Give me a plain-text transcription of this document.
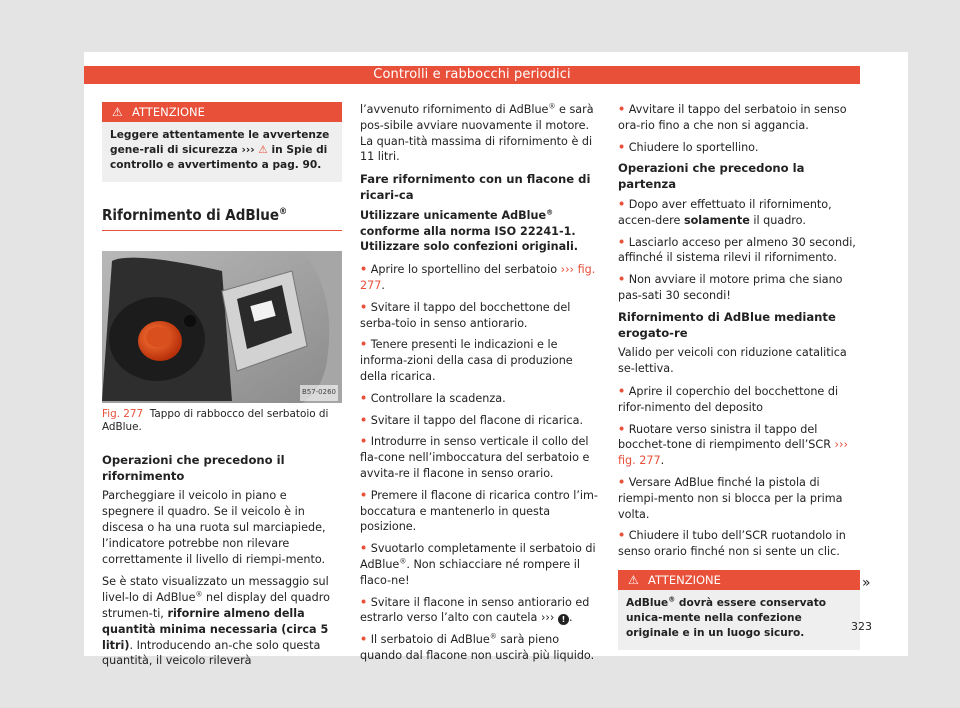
Controlli e rabbocchi periodici
⚠ ATTENZIONE
Leggere attentamente le avvertenze gene-rali di sicurezza ››› ⚠ in Spie di controllo e avvertimento a pag. 90.
Rifornimento di AdBlue®
B57-0260
Fig. 277 Tappo di rabbocco del serbatoio di AdBlue.
Operazioni che precedono il rifornimento

Parcheggiare il veicolo in piano e spegnere il quadro. Se il veicolo è in discesa o ha una ruota sul marciapiede, l’indicatore potrebbe non rilevare correttamente il livello di riempi-mento.

Se è stato visualizzato un messaggio sul livel-lo di AdBlue® nel display del quadro strumen-ti, rifornire almeno della quantità minima necessaria (circa 5 litri). Introducendo an-che solo questa quantità, il veicolo rileverà

l’avvenuto rifornimento di AdBlue® e sarà pos-sibile avviare nuovamente il motore. La quan-tità massima di rifornimento è di 11 litri.

Fare rifornimento con un flacone di ricari-ca

Utilizzare unicamente AdBlue® conforme alla norma ISO 22241-1. Utilizzare solo confezioni originali.

• Aprire lo sportellino del serbatoio ››› fig. 277.
• Svitare il tappo del bocchettone del serba-toio in senso antiorario.
• Tenere presenti le indicazioni e le informa-zioni della casa di produzione della ricarica.
• Controllare la scadenza.
• Svitare il tappo del flacone di ricarica.
• Introdurre in senso verticale il collo del fla-cone nell’imboccatura del serbatoio e avvita-re il flacone in senso orario.
• Premere il flacone di ricarica contro l’im-boccatura e mantenerlo in questa posizione.
• Svuotarlo completamente il serbatoio di AdBlue®. Non schiacciare né rompere il flaco-ne!
• Svitare il flacone in senso antiorario ed estrarlo verso l’alto con cautela ››› ! .
• Il serbatoio di AdBlue® sarà pieno quando dal flacone non uscirà più liquido.
• Avvitare il tappo del serbatoio in senso ora-rio fino a che non si aggancia.
• Chiudere lo sportellino.
Operazioni che precedono la partenza
• Dopo aver effettuato il rifornimento, accen-dere solamente il quadro.
• Lasciarlo acceso per almeno 30 secondi, affinché il sistema rilevi il rifornimento.
• Non avviare il motore prima che siano pas-sati 30 secondi!
Rifornimento di AdBlue mediante erogato-re

Valido per veicoli con riduzione catalitica se-lettiva.

• Aprire il coperchio del bocchettone di rifor-nimento del deposito
• Ruotare verso sinistra il tappo del bocchet-tone di riempimento dell’SCR ››› fig. 277.
• Versare AdBlue finché la pistola di riempi-mento non si blocca per la prima volta.
• Chiudere il tubo dell’SCR ruotandolo in senso orario finché non si sente un clic.
⚠ ATTENZIONE
AdBlue® dovrà essere conservato unica-mente nella confezione originale e in un luogo sicuro.
»
323
